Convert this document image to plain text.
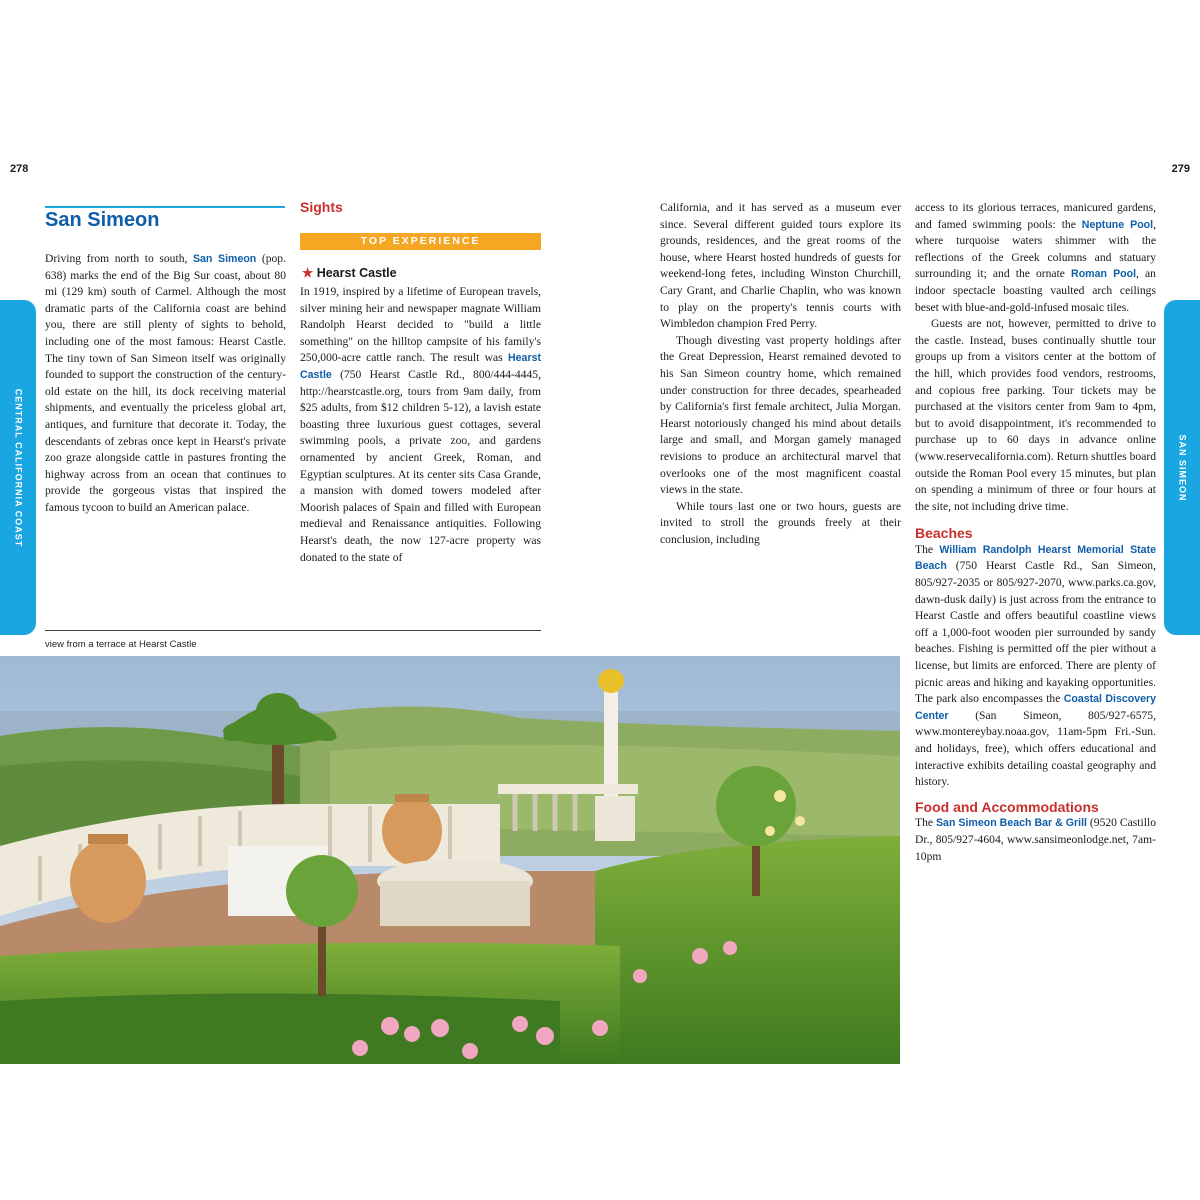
278	279
CENTRAL CALIFORNIA COAST	SAN SIMEON
San Simeon

Driving from north to south, San Simeon (pop. 638) marks the end of the Big Sur coast, about 80 mi (129 km) south of Carmel. Although the most dramatic parts of the California coast are behind you, there are still plenty of sights to behold, including one of the most famous: Hearst Castle. The tiny town of San Simeon itself was originally founded to support the construction of the century-old estate on the hill, its dock receiving material shipments, and eventually the priceless global art, antiques, and furniture that decorate it. Today, the descendants of zebras once kept in Hearst's private zoo graze alongside cattle in pastures fronting the highway across from an ocean that continues to provide the gorgeous vistas that inspired the famous tycoon to build an American palace.

Sights
TOP EXPERIENCE
★ Hearst Castle

In 1919, inspired by a lifetime of European travels, silver mining heir and newspaper magnate William Randolph Hearst decided to "build a little something" on the hilltop campsite of his family's 250,000-acre cattle ranch. The result was Hearst Castle (750 Hearst Castle Rd., 800/444-4445, http://hearstcastle.org, tours from 9am daily, from $25 adults, from $12 children 5-12), a lavish estate boasting three luxurious guest cottages, several swimming pools, a private zoo, and gardens ornamented by ancient Greek, Roman, and Egyptian sculptures. At its center sits Casa Grande, a mansion with domed towers modeled after Moorish palaces of Spain and filled with European medieval and Renaissance antiquities. Following Hearst's death, the now 127-acre property was donated to the state of

California, and it has served as a museum ever since. Several different guided tours explore its grounds, residences, and the great rooms of the house, where Hearst hosted hundreds of guests for weekend-long fetes, including Winston Churchill, Cary Grant, and Charlie Chaplin, who was known to play on the property's tennis courts with Wimbledon champion Fred Perry.

Though divesting vast property holdings after the Great Depression, Hearst remained devoted to his San Simeon country home, which remained under construction for three decades, spearheaded by California's first female architect, Julia Morgan. Hearst notoriously changed his mind about details large and small, and Morgan gamely managed revisions to produce an architectural marvel that overlooks one of the most magnificent coastal views in the state.

While tours last one or two hours, guests are invited to stroll the grounds freely at their conclusion, including

access to its glorious terraces, manicured gardens, and famed swimming pools: the Neptune Pool, where turquoise waters shimmer with the reflections of the Greek columns and statuary surrounding it; and the ornate Roman Pool, an indoor spectacle boasting vaulted arch ceilings beset with blue-and-gold-infused mosaic tiles.

Guests are not, however, permitted to drive to the castle. Instead, buses continually shuttle tour groups up from a visitors center at the bottom of the hill, which provides food vendors, restrooms, and copious free parking. Tour tickets may be purchased at the visitors center from 9am to 4pm, but to avoid disappointment, it's recommended to purchase up to 60 days in advance online (www.reservecalifornia.com). Return shuttles board outside the Roman Pool every 15 minutes, but plan on spending a minimum of three or four hours at the site, not including drive time.

Beaches

The William Randolph Hearst Memorial State Beach (750 Hearst Castle Rd., San Simeon, 805/927-2035 or 805/927-2070, www.parks.ca.gov, dawn-dusk daily) is just across from the entrance to Hearst Castle and offers beautiful coastline views off a 1,000-foot wooden pier surrounded by sandy beaches. Fishing is permitted off the pier without a license, but limits are enforced. There are plenty of picnic areas and hiking and kayaking opportunities. The park also encompasses the Coastal Discovery Center (San Simeon, 805/927-6575, www.montereybay.noaa.gov, 11am-5pm Fri.-Sun. and holidays, free), which offers educational and interactive exhibits detailing coastal geography and history.

Food and Accommodations

The San Simeon Beach Bar & Grill (9520 Castillo Dr., 805/927-4604, www.sansimeonlodge.net, 7am-10pm

view from a terrace at Hearst Castle
